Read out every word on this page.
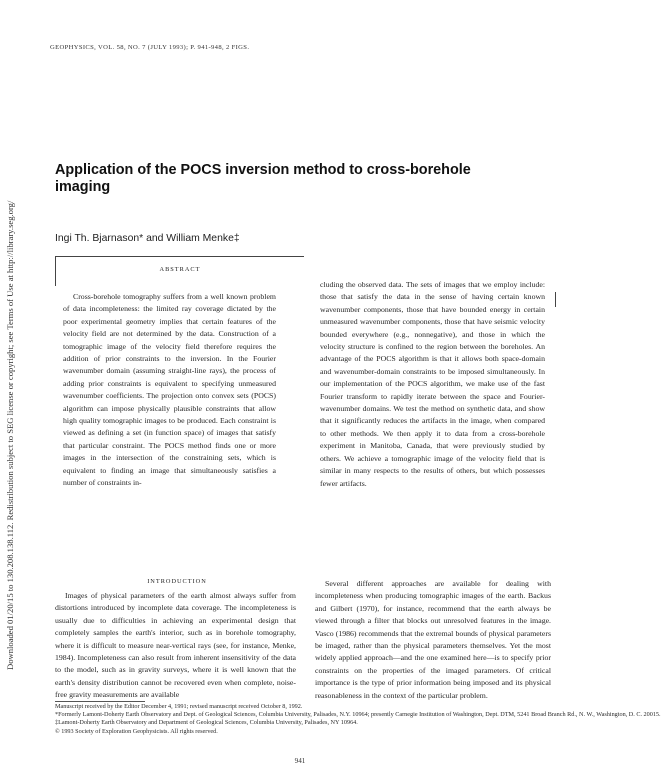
Downloaded 01/20/15 to 130.208.138.112. Redistribution subject to SEG license or copyright; see Terms of Use at http://library.seg.org/
GEOPHYSICS, VOL. 58, NO. 7 (JULY 1993); P. 941-948, 2 FIGS.
Application of the POCS inversion method to cross-borehole imaging
Ingi Th. Bjarnason* and William Menke‡
ABSTRACT

Cross-borehole tomography suffers from a well known problem of data incompleteness: the limited ray coverage dictated by the poor experimental geometry implies that certain features of the velocity field are not determined by the data. Construction of a tomographic image of the velocity field therefore requires the addition of prior constraints to the inversion. In the Fourier wavenumber domain (assuming straight-line rays), the process of adding prior constraints is equivalent to specifying unmeasured wavenumber coefficients. The projection onto convex sets (POCS) algorithm can impose physically plausible constraints that allow high quality tomographic images to be produced. Each constraint is viewed as defining a set (in function space) of images that satisfy that particular constraint. The POCS method finds one or more images in the intersection of the constraining sets, which is equivalent to finding an image that simultaneously satisfies a number of constraints in-

cluding the observed data. The sets of images that we employ include: those that satisfy the data in the sense of having certain known wavenumber components, those that have bounded energy in certain unmeasured wavenumber components, those that have seismic velocity bounded everywhere (e.g., nonnegative), and those in which the velocity structure is confined to the region between the boreholes. An advantage of the POCS algorithm is that it allows both space-domain and wavenumber-domain constraints to be imposed simultaneously. In our implementation of the POCS algorithm, we make use of the fast Fourier transform to rapidly iterate between the space and Fourier-wavenumber domains. We test the method on synthetic data, and show that it significantly reduces the artifacts in the image, when compared to other methods. We then apply it to data from a cross-borehole experiment in Manitoba, Canada, that were previously studied by others. We achieve a tomographic image of the velocity field that is similar in many respects to the results of others, but which possesses fewer artifacts.

INTRODUCTION

Images of physical parameters of the earth almost always suffer from distortions introduced by incomplete data coverage. The incompleteness is usually due to difficulties in achieving an experimental design that completely samples the earth's interior, such as in borehole tomography, where it is difficult to measure near-vertical rays (see, for instance, Menke, 1984). Incompleteness can also result from inherent insensitivity of the data to the model, such as in gravity surveys, where it is well known that the earth's density distribution cannot be recovered even when complete, noise-free gravity measurements are available

Several different approaches are available for dealing with incompleteness when producing tomographic images of the earth. Backus and Gilbert (1970), for instance, recommend that the earth always be viewed through a filter that blocks out unresolved features in the image. Vasco (1986) recommends that the extremal bounds of physical parameters be imaged, rather than the physical parameters themselves. Yet the most widely applied approach—and the one examined here—is to specify prior constraints on the properties of the imaged parameters. Of critical importance is the type of prior information being imposed and its physical reasonableness in the context of the particular problem.

Manuscript received by the Editor December 4, 1991; revised manuscript received October 8, 1992.
*Formerly Lamont-Doherty Earth Observatory and Dept. of Geological Sciences, Columbia University, Palisades, N.Y. 10964; presently Carnegie Institution of Washington, Dept. DTM, 5241 Broad Branch Rd., N. W., Washington, D. C. 20015.
‡Lamont-Doherty Earth Observatory and Department of Geological Sciences, Columbia University, Palisades, NY 10964.
© 1993 Society of Exploration Geophysicists. All rights reserved.
941
